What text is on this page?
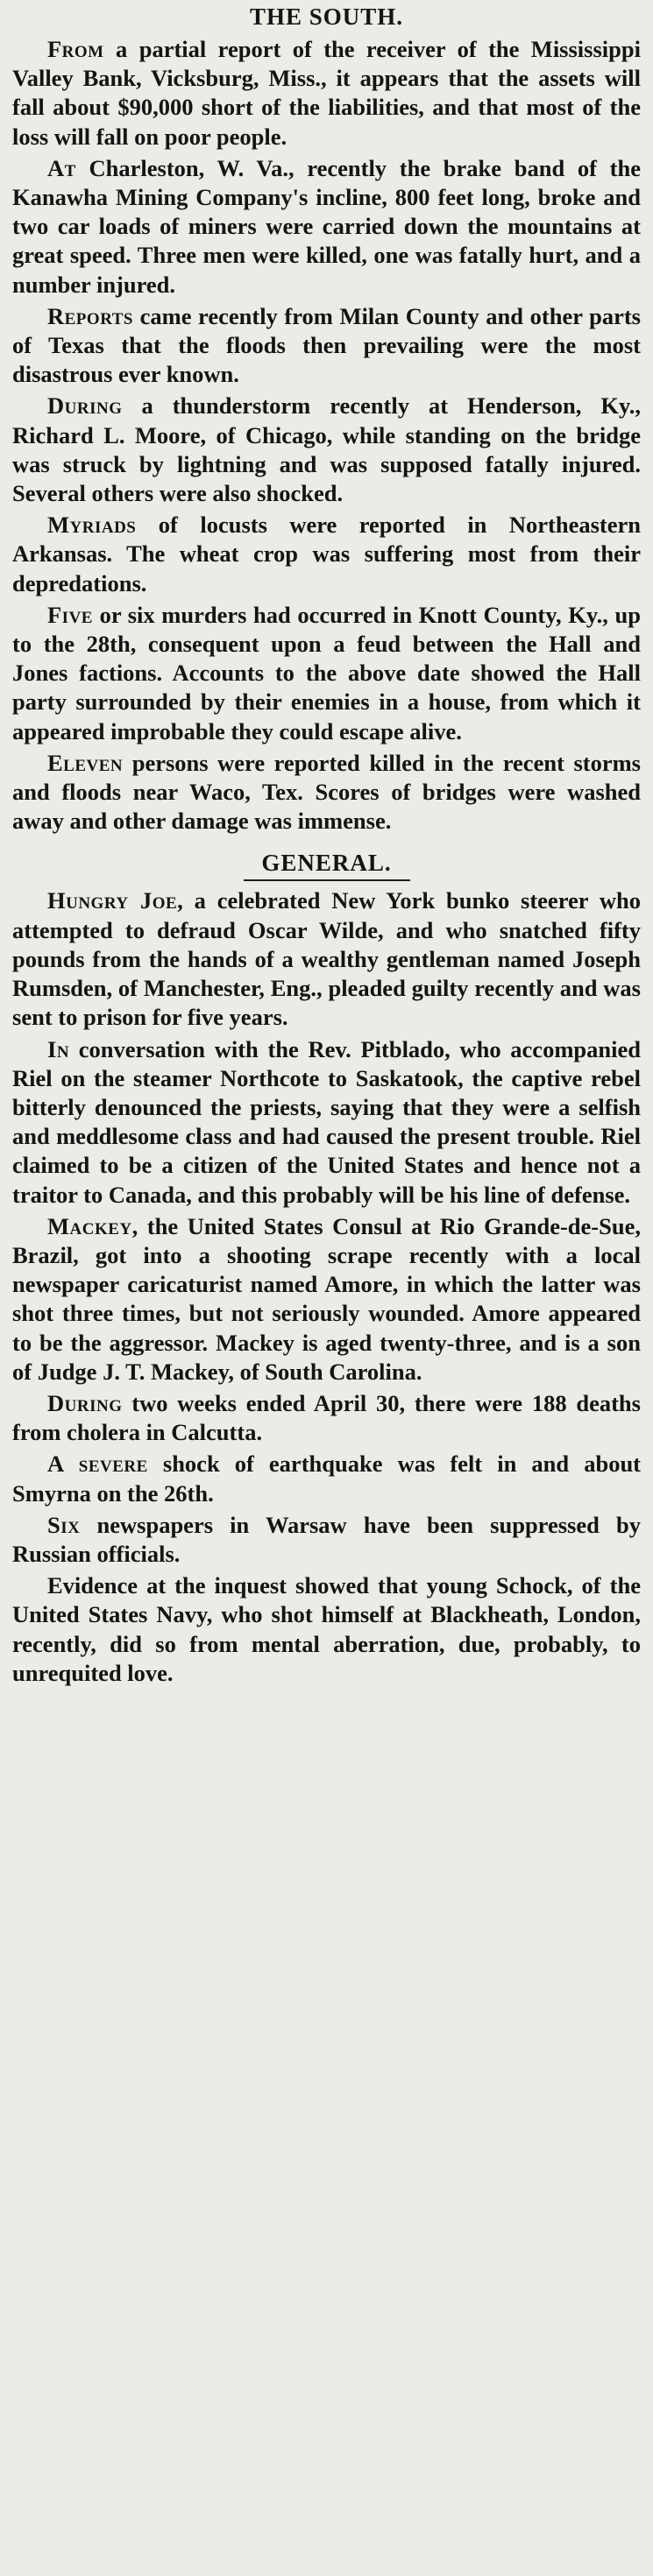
THE SOUTH.

From a partial report of the receiver of the Mississippi Valley Bank, Vicksburg, Miss., it appears that the assets will fall about $90,000 short of the liabilities, and that most of the loss will fall on poor people.

At Charleston, W. Va., recently the brake band of the Kanawha Mining Company's incline, 800 feet long, broke and two car loads of miners were carried down the mountains at great speed. Three men were killed, one was fatally hurt, and a number injured.

Reports came recently from Milan County and other parts of Texas that the floods then prevailing were the most disastrous ever known.

During a thunderstorm recently at Henderson, Ky., Richard L. Moore, of Chicago, while standing on the bridge was struck by lightning and was supposed fatally injured. Several others were also shocked.

Myriads of locusts were reported in Northeastern Arkansas. The wheat crop was suffering most from their depredations.

Five or six murders had occurred in Knott County, Ky., up to the 28th, consequent upon a feud between the Hall and Jones factions. Accounts to the above date showed the Hall party surrounded by their enemies in a house, from which it appeared improbable they could escape alive.

Eleven persons were reported killed in the recent storms and floods near Waco, Tex. Scores of bridges were washed away and other damage was immense.

GENERAL.

Hungry Joe, a celebrated New York bunko steerer who attempted to defraud Oscar Wilde, and who snatched fifty pounds from the hands of a wealthy gentleman named Joseph Rumsden, of Manchester, Eng., pleaded guilty recently and was sent to prison for five years.

In conversation with the Rev. Pitblado, who accompanied Riel on the steamer Northcote to Saskatook, the captive rebel bitterly denounced the priests, saying that they were a selfish and meddlesome class and had caused the present trouble. Riel claimed to be a citizen of the United States and hence not a traitor to Canada, and this probably will be his line of defense.

Mackey, the United States Consul at Rio Grande-de-Sue, Brazil, got into a shooting scrape recently with a local newspaper caricaturist named Amore, in which the latter was shot three times, but not seriously wounded. Amore appeared to be the aggressor. Mackey is aged twenty-three, and is a son of Judge J. T. Mackey, of South Carolina.

During two weeks ended April 30, there were 188 deaths from cholera in Calcutta.

A severe shock of earthquake was felt in and about Smyrna on the 26th.

Six newspapers in Warsaw have been suppressed by Russian officials.

Evidence at the inquest showed that young Schock, of the United States Navy, who shot himself at Blackheath, London, recently, did so from mental aberration, due, probably, to unrequited love.
